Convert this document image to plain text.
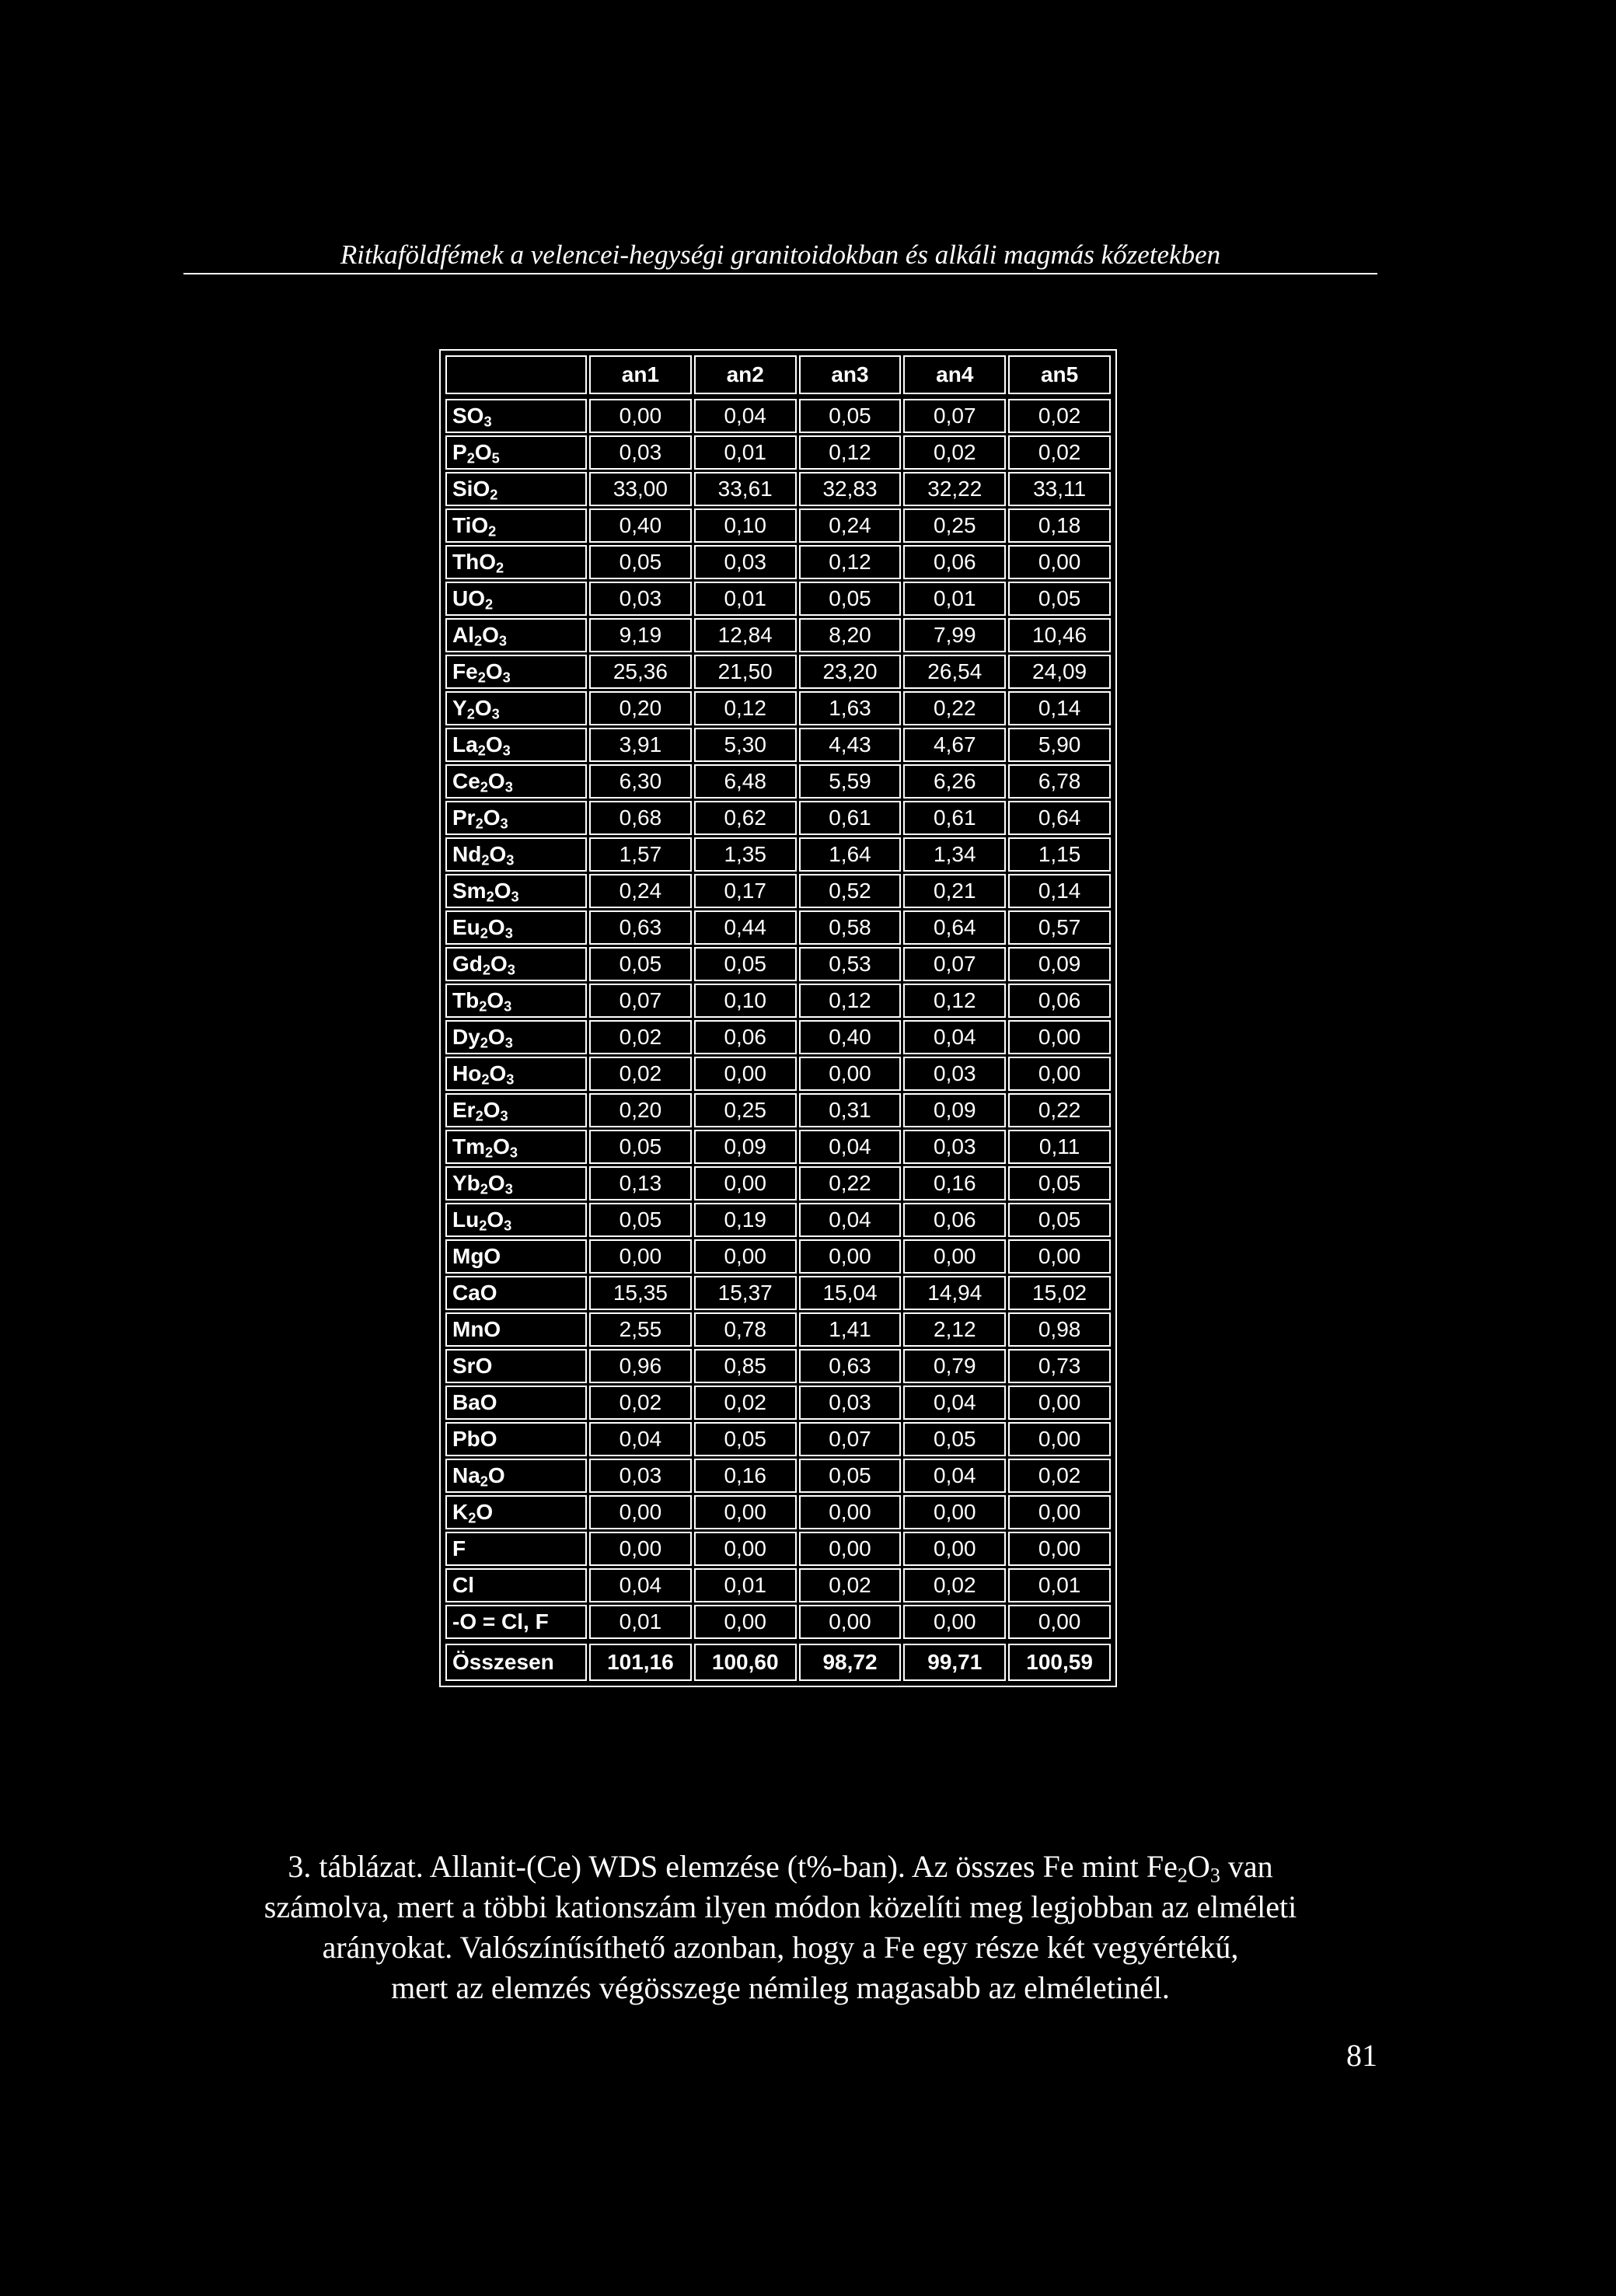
Ritkaföldfémek a velencei-hegységi granitoidokban és alkáli magmás kőzetekben
	an1	an2	an3	an4	an5

$SO_3$	0,00	0,04	0,05	0,07	0,02
$P_2O_5$	0,03	0,01	0,12	0,02	0,02
SiO$_2$	33,00	33,61	32,83	32,22	33,11
TiO$_2$	0,40	0,10	0,24	0,25	0,18
ThO$_2$	0,05	0,03	0,12	0,06	0,00
$UO_2$	0,03	0,01	0,05	0,01	0,05
$Al_2O_3$	9,19	12,84	8,20	7,99	10,46
$Fe_2O_3$	25,36	21,50	23,20	26,54	24,09
$Y_2O_3$	0,20	0,12	1,63	0,22	0,14
$La_2O_3$	3,91	5,30	4,43	4,67	5,90
$Ce_2O_3$	6,30	6,48	5,59	6,26	6,78
$Pr_2O_3$	0,68	0,62	0,61	0,61	0,64
$Nd_2O_3$	1,57	1,35	1,64	1,34	1,15
$Sm_2O_3$	0,24	0,17	0,52	0,21	0,14
$Eu_2O_3$	0,63	0,44	0,58	0,64	0,57
$Gd_2O_3$	0,05	0,05	0,53	0,07	0,09
$Tb_2O_3$	0,07	0,10	0,12	0,12	0,06
$Dy_2O_3$	0,02	0,06	0,40	0,04	0,00
$Ho_2O_3$	0,02	0,00	0,00	0,03	0,00
$Er_2O_3$	0,20	0,25	0,31	0,09	0,22
$Tm_2O_3$	0,05	0,09	0,04	0,03	0,11
$Yb_2O_3$	0,13	0,00	0,22	0,16	0,05
$Lu_2O_3$	0,05	0,19	0,04	0,06	0,05
MgO	0,00	0,00	0,00	0,00	0,00
CaO	15,35	15,37	15,04	14,94	15,02
MnO	2,55	0,78	1,41	2,12	0,98
SrO	0,96	0,85	0,63	0,79	0,73
BaO	0,02	0,02	0,03	0,04	0,00
PbO	0,04	0,05	0,07	0,05	0,00
$Na_2O$	0,03	0,16	0,05	0,04	0,02
$K_2O$	0,00	0,00	0,00	0,00	0,00
F	0,00	0,00	0,00	0,00	0,00
Cl	0,04	0,01	0,02	0,02	0,01
-O = Cl, F	0,01	0,00	0,00	0,00	0,00

Összesen	101,16	100,60	98,72	99,71	100,59

3. táblázat. Allanit-(Ce) WDS elemzése (t%-ban). Az összes Fe mint $Fe_2O_3$ van

számolva, mert a többi kationszám ilyen módon közelíti meg legjobban az elméleti

arányokat. Valószínűsíthető azonban, hogy a Fe egy része két vegyértékű,

mert az elemzés végösszege némileg magasabb az elméletinél.

81
